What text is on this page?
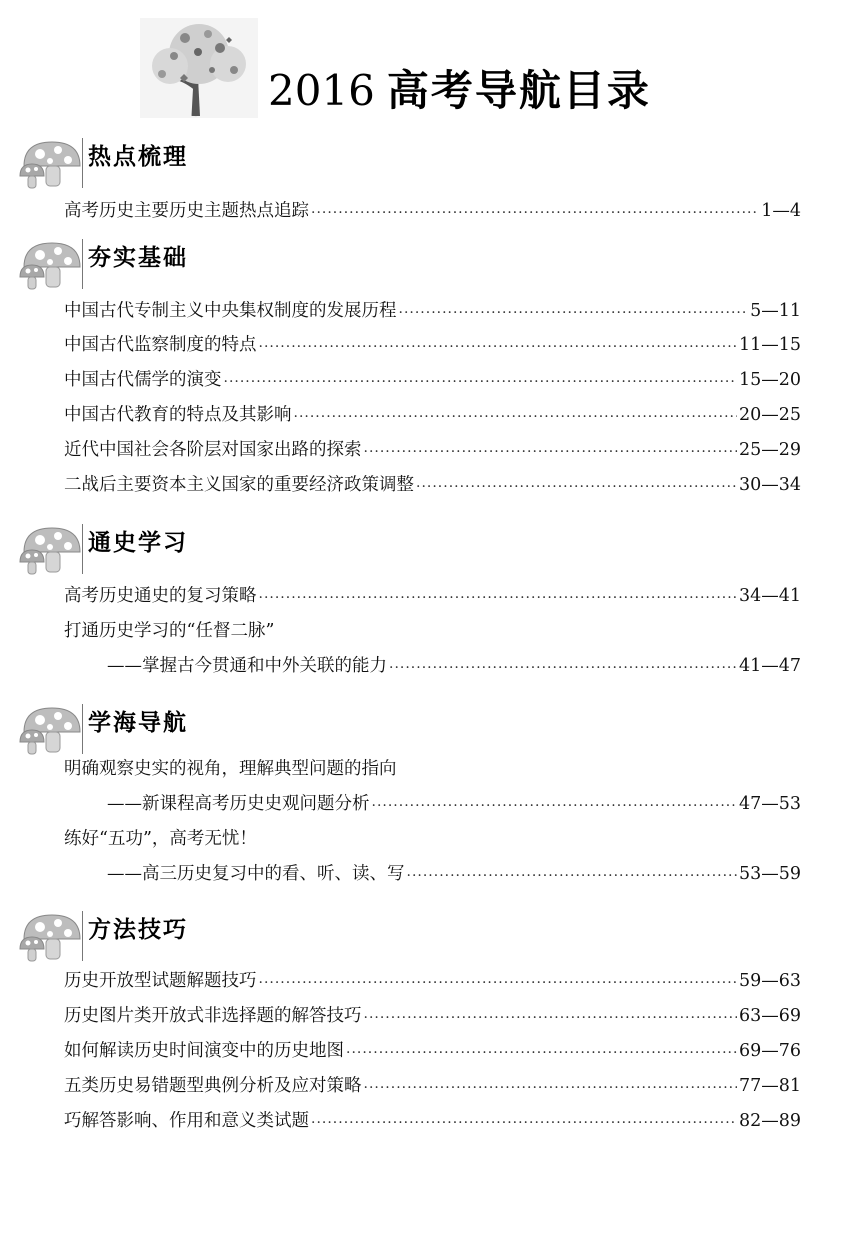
2016 高考导航目录
热点梳理
高考历史主要历史主题热点追踪 ·····	1—4
夯实基础
中国古代专制主义中央集权制度的发展历程 ·····	5—11
中国古代监察制度的特点 ·····	11—15
中国古代儒学的演变 ·····	15—20
中国古代教育的特点及其影响 ·····	20—25
近代中国社会各阶层对国家出路的探索 ·····	25—29
二战后主要资本主义国家的重要经济政策调整 ·····	30—34
通史学习
高考历史通史的复习策略 ·····	34—41
打通历史学习的“任督二脉”
——掌握古今贯通和中外关联的能力 ·····	41—47
学海导航
明确观察史实的视角，理解典型问题的指向
——新课程高考历史史观问题分析 ·····	47—53
练好“五功”，高考无忧！
——高三历史复习中的看、听、读、写 ·····	53—59
方法技巧
历史开放型试题解题技巧 ·····	59—63
历史图片类开放式非选择题的解答技巧 ·····	63—69
如何解读历史时间演变中的历史地图 ·····	69—76
五类历史易错题型典例分析及应对策略 ·····	77—81
巧解答影响、作用和意义类试题 ·····	82—89
